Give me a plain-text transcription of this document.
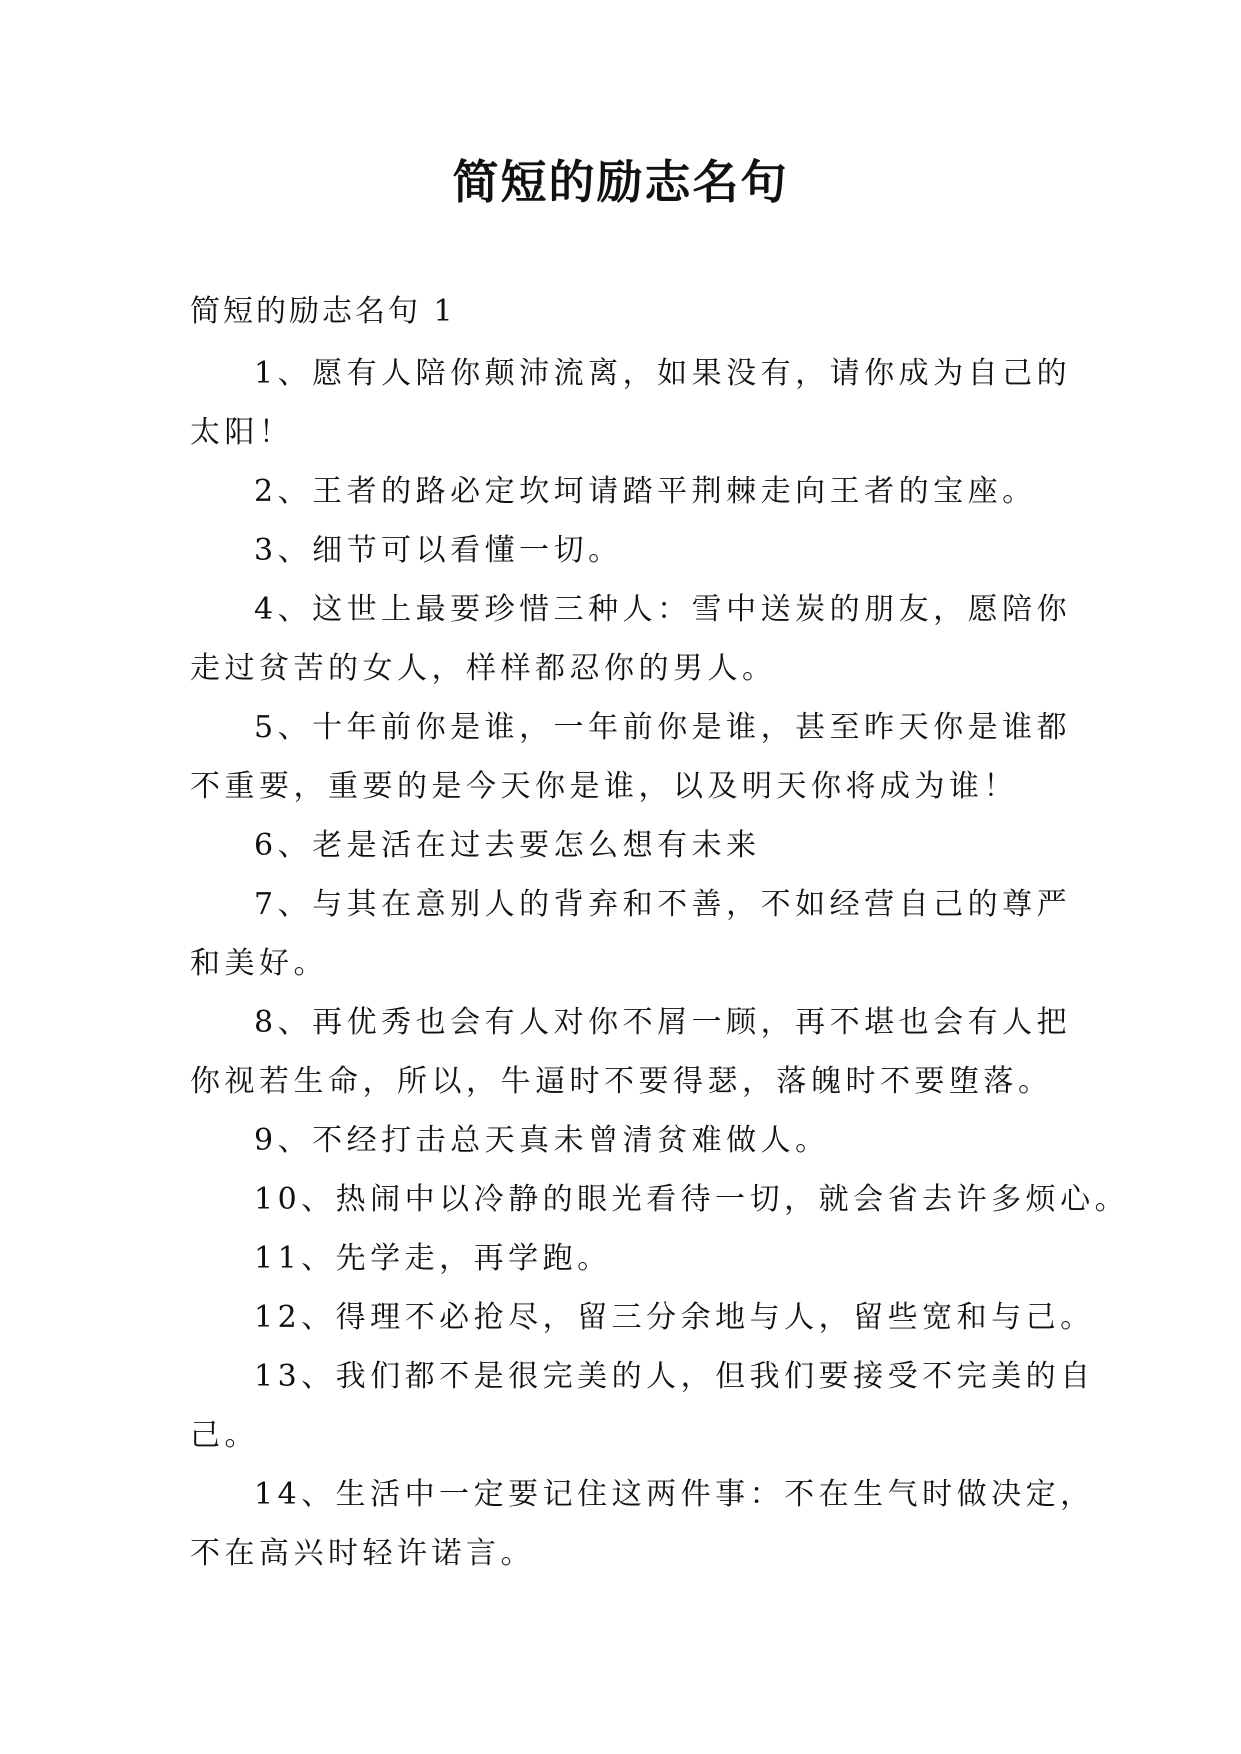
简短的励志名句
简短的励志名句 1

1、愿有人陪你颠沛流离，如果没有，请你成为自己的
太阳！

2、王者的路必定坎坷请踏平荆棘走向王者的宝座。

3、细节可以看懂一切。

4、这世上最要珍惜三种人：雪中送炭的朋友，愿陪你
走过贫苦的女人，样样都忍你的男人。

5、十年前你是谁，一年前你是谁，甚至昨天你是谁都
不重要，重要的是今天你是谁，以及明天你将成为谁！

6、老是活在过去要怎么想有未来

7、与其在意别人的背弃和不善，不如经营自己的尊严
和美好。

8、再优秀也会有人对你不屑一顾，再不堪也会有人把
你视若生命，所以，牛逼时不要得瑟，落魄时不要堕落。

9、不经打击总天真未曾清贫难做人。

10、热闹中以冷静的眼光看待一切，就会省去许多烦心。

11、先学走，再学跑。

12、得理不必抢尽，留三分余地与人，留些宽和与己。

13、我们都不是很完美的人，但我们要接受不完美的自
己。

14、生活中一定要记住这两件事：不在生气时做决定，
不在高兴时轻许诺言。
